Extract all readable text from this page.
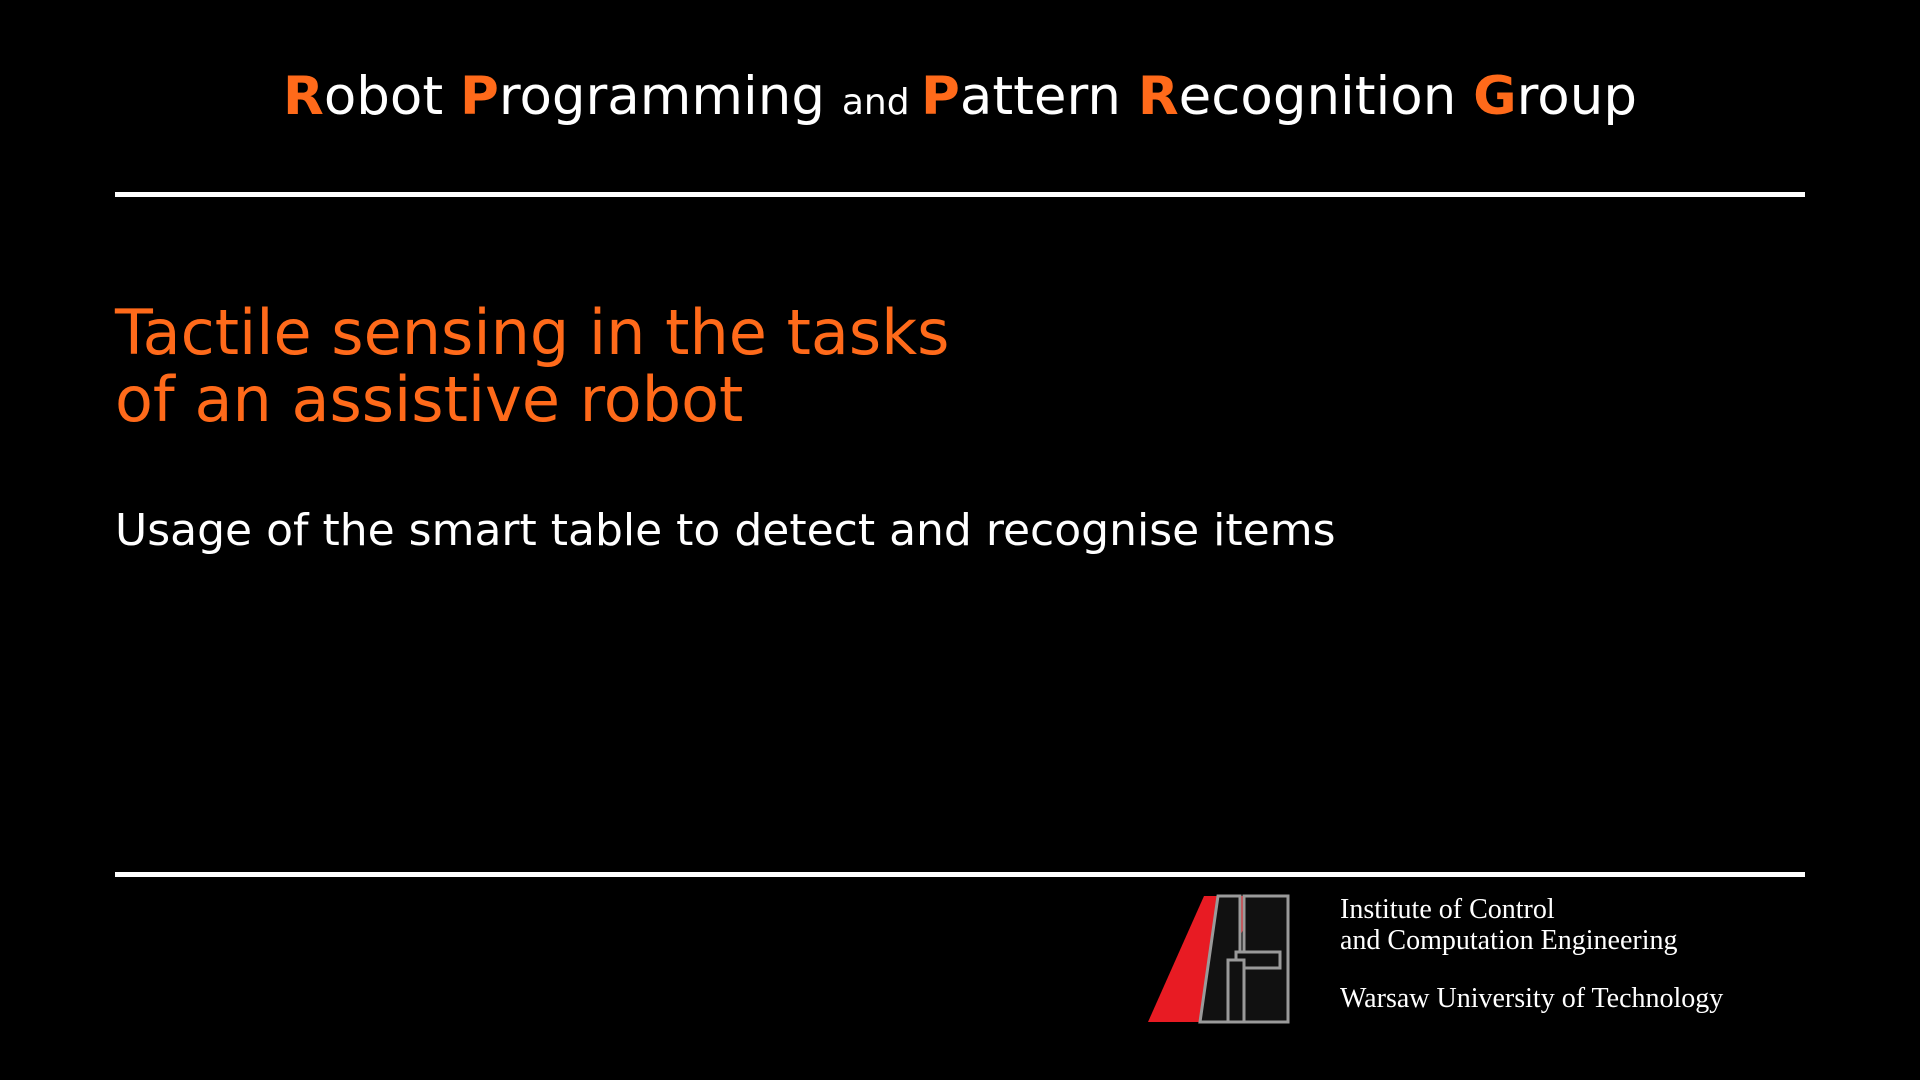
Robot Programming and Pattern Recognition Group
Tactile sensing in the tasks
of an assistive robot
Usage of the smart table to detect and recognise items
Institute of Control
and Computation Engineering
Warsaw University of Technology
